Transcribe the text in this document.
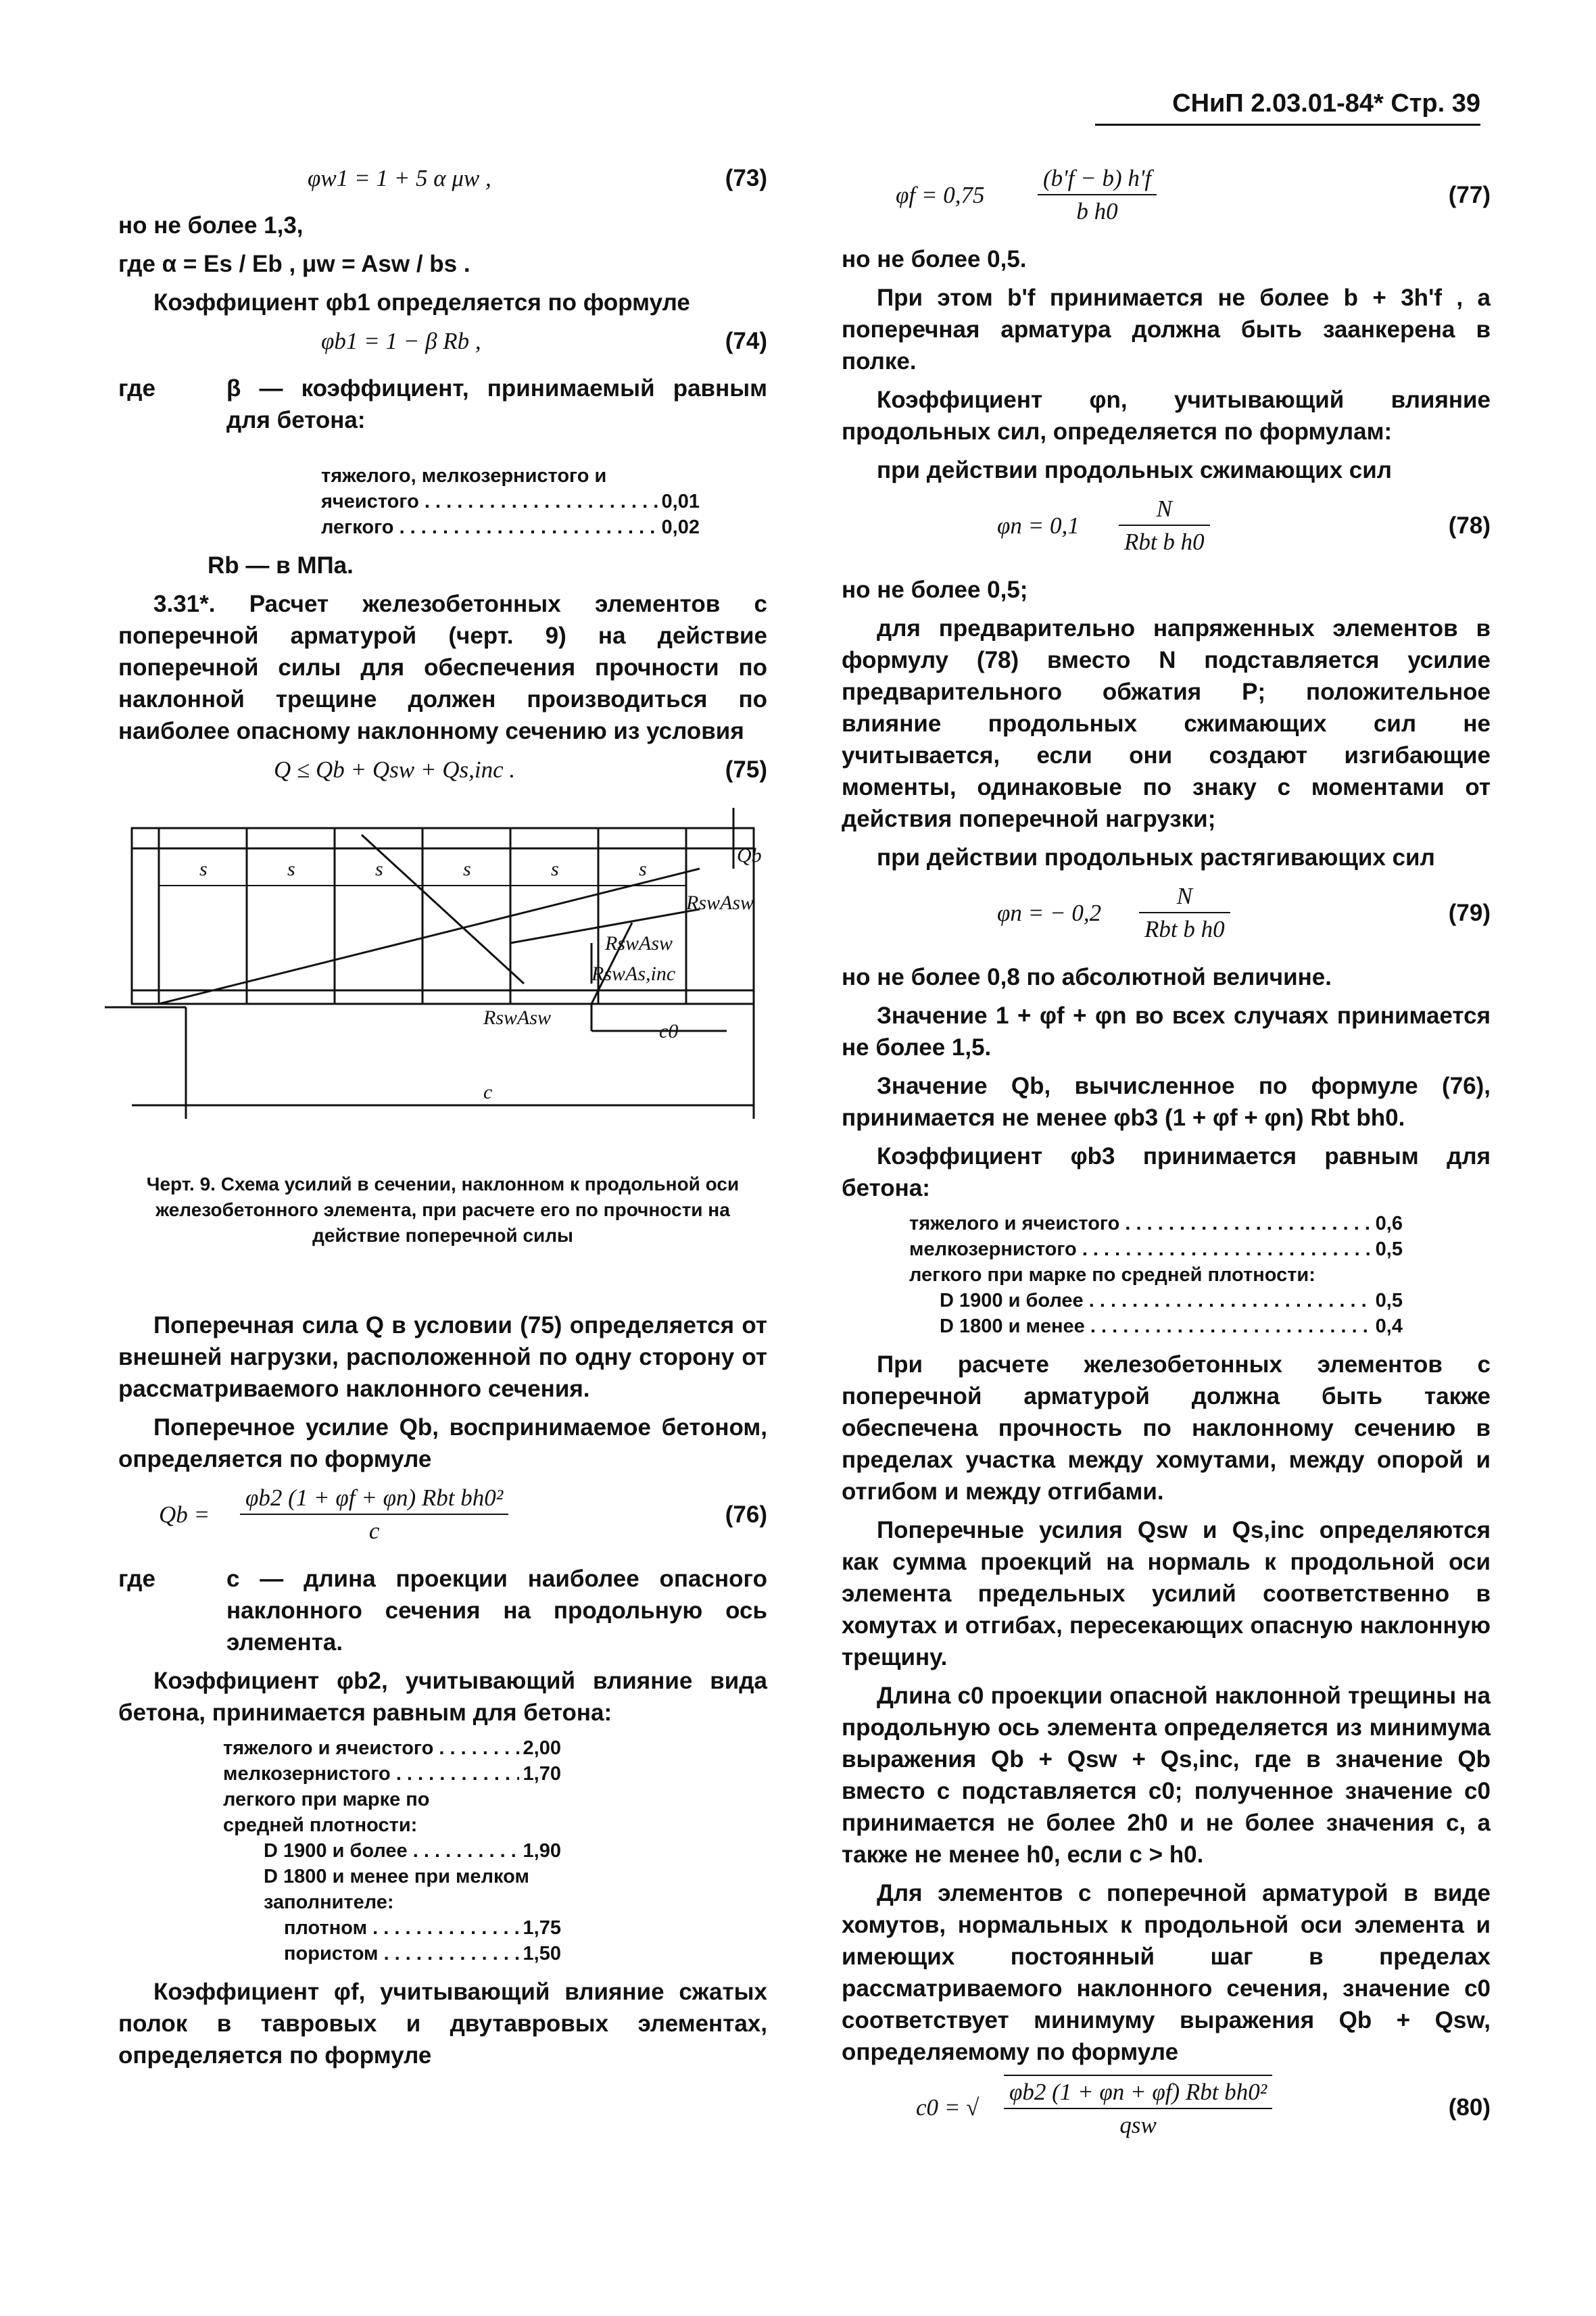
СНиП 2.03.01-84* Стр. 39
φw1 = 1 + 5 α μw ,	(73)

но не более 1,3,

где α = Es / Eb , μw = Asw / bs .

Коэффициент φb1 определяется по формуле

φb1 = 1 − β Rb ,	(74)
где	β — коэффициент, принимаемый равным для бетона:
тяжелого, мелкозернистого и
ячеистого . . .	0,01
легкого . . .	0,02

Rb — в МПа.

3.31*. Расчет железобетонных элементов с поперечной арматурой (черт. 9) на действие поперечной силы для обеспечения прочности по наклонной трещине должен производиться по наиболее опасному наклонному сечению из условия

Q ≤ Qb + Qsw + Qs,inc .	(75)
s	s	s	s	s	s
Qb
RswAsw
RswAsw
RswAs,inc
RswAsw
c0
c
Черт. 9. Схема усилий в сечении, наклонном к продольной оси железобетонного элемента, при расчете его по прочности на действие поперечной силы

Поперечная сила Q в условии (75) определяется от внешней нагрузки, расположенной по одну сторону от рассматриваемого наклонного сечения.

Поперечное усилие Qb, воспринимаемое бетоном, определяется по формуле

Qb =
φb2 (1 + φf + φn) Rbt bh0²
c
(76)
где	c — длина проекции наиболее опасного наклонного сечения на продольную ось элемента.

Коэффициент φb2, учитывающий влияние вида бетона, принимается равным для бетона:

тяжелого и ячеистого . . .	2,00
мелкозернистого . . .	1,70
легкого при марке по средней плотности:
D 1900 и более . . .	1,90
D 1800 и менее при мелком заполнителе:
плотном . . .	1,75
пористом . . .	1,50

Коэффициент φf, учитывающий влияние сжатых полок в тавровых и двутавровых элементах, определяется по формуле

$\varphi f = 0,75 \frac{(b'f - b) h'f}{\text{b h0}}$	(77)

но не более 0,5.

При этом b'f принимается не более b + 3h'f , а поперечная арматура должна быть заанкерена в полке.

Коэффициент φn, учитывающий влияние продольных сил, определяется по формулам:

при действии продольных сжимающих сил

φn = 0,1
N
Rbt b h0
(78)

но не более 0,5;

для предварительно напряженных элементов в формулу (78) вместо N подставляется усилие предварительного обжатия P; положительное влияние продольных сжимающих сил не учитывается, если они создают изгибающие моменты, одинаковые по знаку с моментами от действия поперечной нагрузки;

при действии продольных растягивающих сил

φn = − 0,2
N
Rbt b h0
(79)

но не более 0,8 по абсолютной величине.

Значение 1 + φf + φn во всех случаях принимается не более 1,5.

Значение Qb, вычисленное по формуле (76), принимается не менее φb3 (1 + φf + φn) Rbt bh0.

Коэффициент φb3 принимается равным для бетона:

тяжелого и ячеистого . . .	0,6
мелкозернистого . . .	0,5
легкого при марке по средней плотности:
D 1900 и более . . .	0,5
D 1800 и менее . . .	0,4

При расчете железобетонных элементов с поперечной арматурой должна быть также обеспечена прочность по наклонному сечению в пределах участка между хомутами, между опорой и отгибом и между отгибами.

Поперечные усилия Qsw и Qs,inc определяются как сумма проекций на нормаль к продольной оси элемента предельных усилий соответственно в хомутах и отгибах, пересекающих опасную наклонную трещину.

Длина c0 проекции опасной наклонной трещины на продольную ось элемента определяется из минимума выражения Qb + Qsw + Qs,inc, где в значение Qb вместо c подставляется c0; полученное значение c0 принимается не более 2h0 и не более значения c, а также не менее h0, если c > h0.

Для элементов с поперечной арматурой в виде хомутов, нормальных к продольной оси элемента и имеющих постоянный шаг в пределах рассматриваемого наклонного сечения, значение c0 соответствует минимуму выражения Qb + Qsw, определяемому по формуле

c0 = √
φb2 (1 + φn + φf) Rbt bh0²
qsw
(80)
